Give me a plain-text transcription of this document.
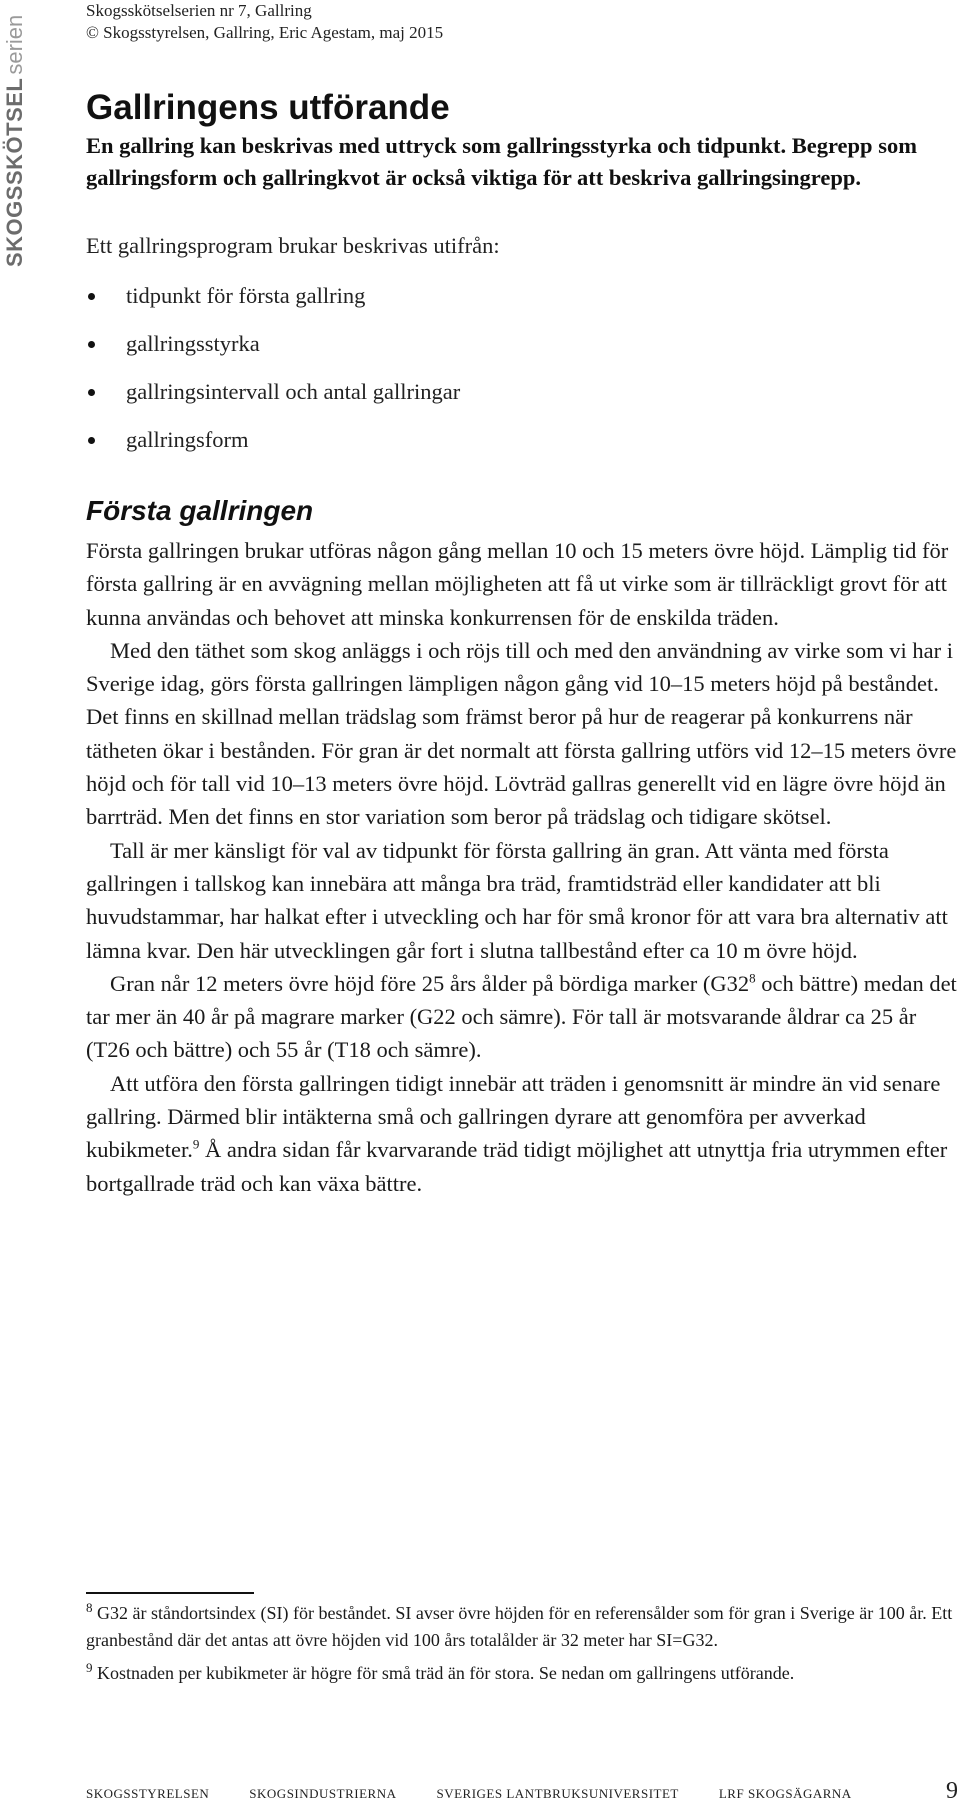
SKOGSSKÖTSEL
serien
Skogsskötselserien nr 7, Gallring
© Skogsstyrelsen, Gallring, Eric Agestam, maj 2015
Gallringens utförande

En gallring kan beskrivas med uttryck som gallringsstyrka och tidpunkt. Begrepp som gallringsform och gallringkvot är också viktiga för att beskriva gallringsingrepp.

Ett gallringsprogram brukar beskrivas utifrån:

tidpunkt för första gallring
gallringsstyrka
gallringsintervall och antal gallringar
gallringsform
Första gallringen

Första gallringen brukar utföras någon gång mellan 10 och 15 meters övre höjd. Lämplig tid för första gallring är en avvägning mellan möjligheten att få ut virke som är tillräckligt grovt för att kunna användas och behovet att minska konkurrensen för de enskilda träden.

Med den täthet som skog anläggs i och röjs till och med den användning av virke som vi har i Sverige idag, görs första gallringen lämpligen någon gång vid 10–15 meters höjd på beståndet. Det finns en skillnad mellan trädslag som främst beror på hur de reagerar på konkurrens när tätheten ökar i bestånden. För gran är det normalt att första gallring utförs vid 12–15 meters övre höjd och för tall vid 10–13 meters övre höjd. Lövträd gallras generellt vid en lägre övre höjd än barrträd. Men det finns en stor variation som beror på trädslag och tidigare skötsel.

Tall är mer känsligt för val av tidpunkt för första gallring än gran. Att vänta med första gallringen i tallskog kan innebära att många bra träd, framtidsträd eller kandidater att bli huvudstammar, har halkat efter i utveckling och har för små kronor för att vara bra alternativ att lämna kvar. Den här utvecklingen går fort i slutna tallbestånd efter ca 10 m övre höjd.

Gran når 12 meters övre höjd före 25 års ålder på bördiga marker ($G32^8$ och bättre) medan det tar mer än 40 år på magrare marker (G22 och sämre). För tall är motsvarande åldrar ca 25 år (T26 och bättre) och 55 år (T18 och sämre).

Att utföra den första gallringen tidigt innebär att träden i genomsnitt är mindre än vid senare gallring. Därmed blir intäkterna små och gallringen dyrare att genomföra per avverkad kubikmeter.$^9$ Å andra sidan får kvarvarande träd tidigt möjlighet att utnyttja fria utrymmen efter bortgallrade träd och kan växa bättre.

$^8$ G32 är ståndortsindex (SI) för beståndet. SI avser övre höjden för en referensålder som för gran i Sverige är 100 år. Ett granbestånd där det antas att övre höjden vid 100 års totalålder är 32 meter har SI=G32.

$^9$ Kostnaden per kubikmeter är högre för små träd än för stora. Se nedan om gallringens utförande.

SKOGSSTYRELSEN	SKOGSINDUSTRIERNA	SVERIGES LANTBRUKSUNIVERSITET	LRF SKOGSÄGARNA	9
